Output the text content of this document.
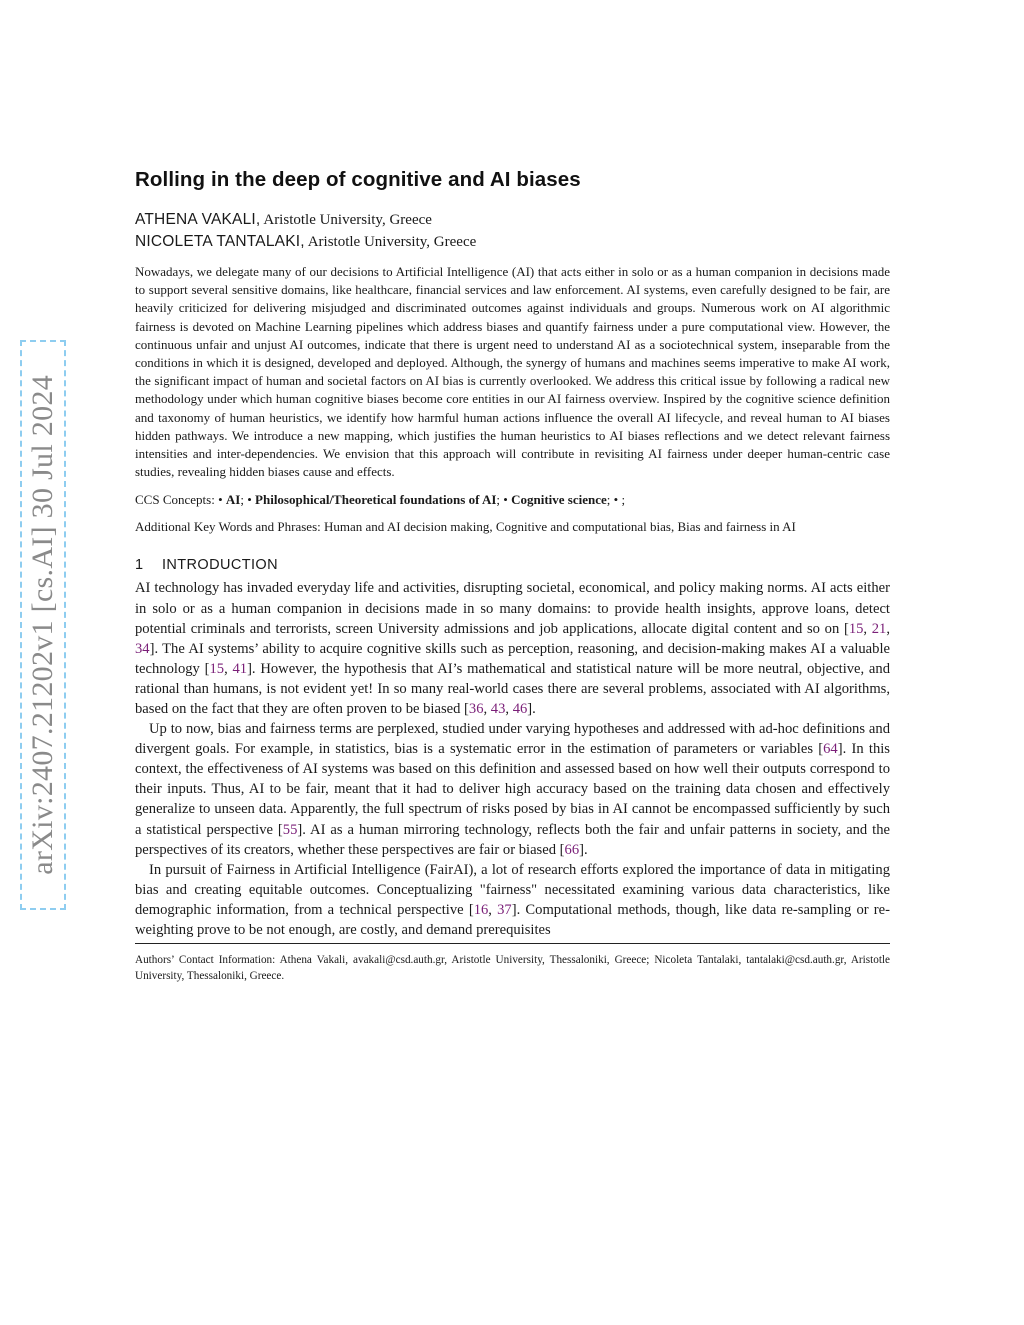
arXiv:2407.21202v1 [cs.AI] 30 Jul 2024
Rolling in the deep of cognitive and AI biases
ATHENA VAKALI, Aristotle University, Greece
NICOLETA TANTALAKI, Aristotle University, Greece

Nowadays, we delegate many of our decisions to Artificial Intelligence (AI) that acts either in solo or as a human companion in decisions made to support several sensitive domains, like healthcare, financial services and law enforcement. AI systems, even carefully designed to be fair, are heavily criticized for delivering misjudged and discriminated outcomes against individuals and groups. Numerous work on AI algorithmic fairness is devoted on Machine Learning pipelines which address biases and quantify fairness under a pure computational view. However, the continuous unfair and unjust AI outcomes, indicate that there is urgent need to understand AI as a sociotechnical system, inseparable from the conditions in which it is designed, developed and deployed. Although, the synergy of humans and machines seems imperative to make AI work, the significant impact of human and societal factors on AI bias is currently overlooked. We address this critical issue by following a radical new methodology under which human cognitive biases become core entities in our AI fairness overview. Inspired by the cognitive science definition and taxonomy of human heuristics, we identify how harmful human actions influence the overall AI lifecycle, and reveal human to AI biases hidden pathways. We introduce a new mapping, which justifies the human heuristics to AI biases reflections and we detect relevant fairness intensities and inter-dependencies. We envision that this approach will contribute in revisiting AI fairness under deeper human-centric case studies, revealing hidden biases cause and effects.

CCS Concepts: • AI; • Philosophical/Theoretical foundations of AI; • Cognitive science; • ;
Additional Key Words and Phrases: Human and AI decision making, Cognitive and computational bias, Bias and fairness in AI
1	INTRODUCTION

AI technology has invaded everyday life and activities, disrupting societal, economical, and policy making norms. AI acts either in solo or as a human companion in decisions made in so many domains: to provide health insights, approve loans, detect potential criminals and terrorists, screen University admissions and job applications, allocate digital content and so on [15, 21, 34]. The AI systems’ ability to acquire cognitive skills such as perception, reasoning, and decision-making makes AI a valuable technology [15, 41]. However, the hypothesis that AI’s mathematical and statistical nature will be more neutral, objective, and rational than humans, is not evident yet! In so many real-world cases there are several problems, associated with AI algorithms, based on the fact that they are often proven to be biased [36, 43, 46].

Up to now, bias and fairness terms are perplexed, studied under varying hypotheses and addressed with ad-hoc definitions and divergent goals. For example, in statistics, bias is a systematic error in the estimation of parameters or variables [64]. In this context, the effectiveness of AI systems was based on this definition and assessed based on how well their outputs correspond to their inputs. Thus, AI to be fair, meant that it had to deliver high accuracy based on the training data chosen and effectively generalize to unseen data. Apparently, the full spectrum of risks posed by bias in AI cannot be encompassed sufficiently by such a statistical perspective [55]. AI as a human mirroring technology, reflects both the fair and unfair patterns in society, and the perspectives of its creators, whether these perspectives are fair or biased [66].

In pursuit of Fairness in Artificial Intelligence (FairAI), a lot of research efforts explored the importance of data in mitigating bias and creating equitable outcomes. Conceptualizing "fairness" necessitated examining various data characteristics, like demographic information, from a technical perspective [16, 37]. Computational methods, though, like data re-sampling or re-weighting prove to be not enough, are costly, and demand prerequisites

Authors’ Contact Information: Athena Vakali, avakali@csd.auth.gr, Aristotle University, Thessaloniki, Greece; Nicoleta Tantalaki, tantalaki@csd.auth.gr, Aristotle University, Thessaloniki, Greece.
